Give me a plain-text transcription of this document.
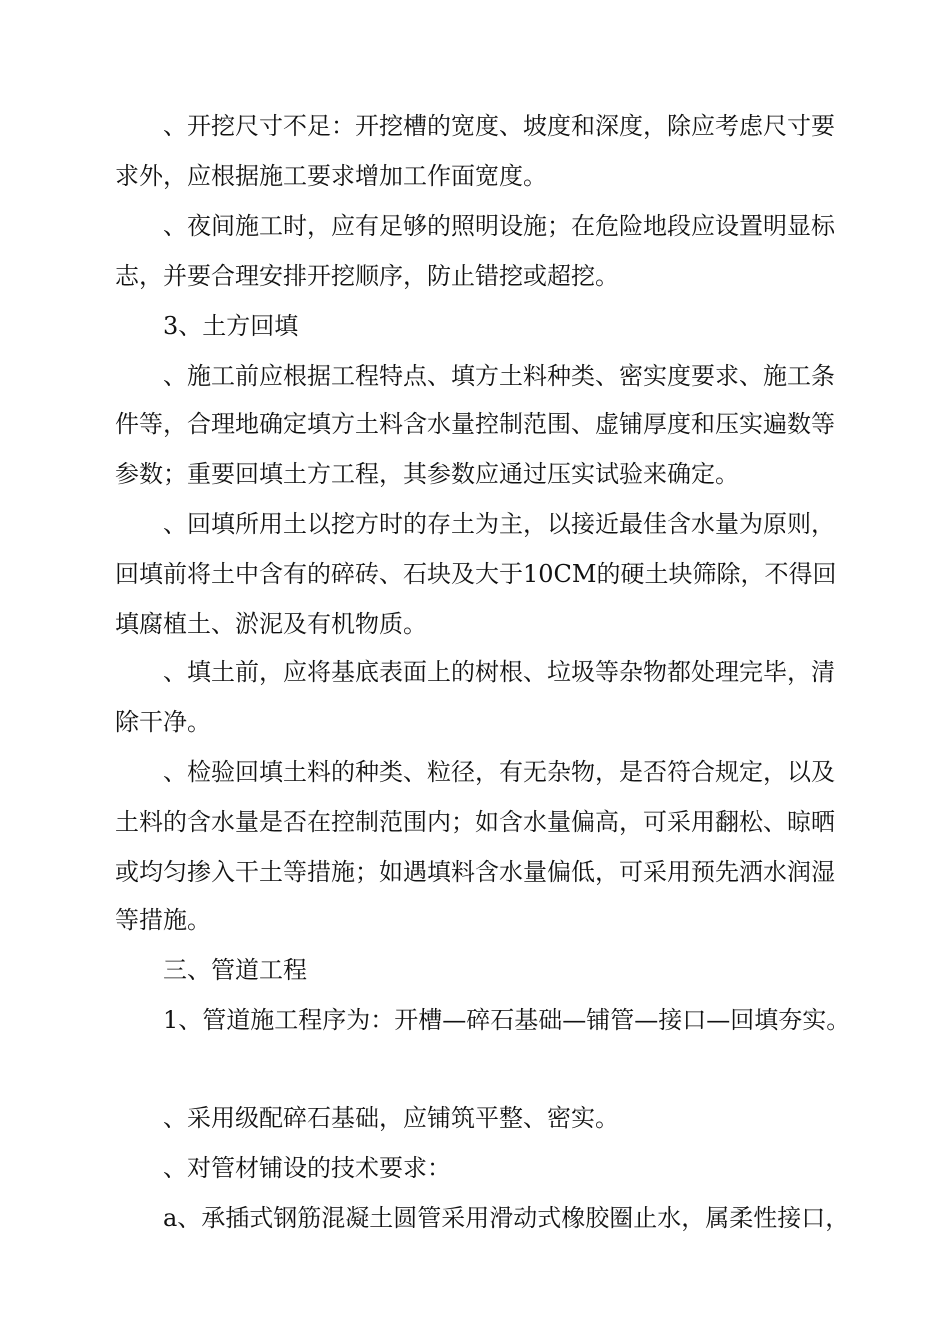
、开挖尺寸不足：开挖槽的宽度、坡度和深度，除应考虑尺寸要
求外，应根据施工要求增加工作面宽度。
、夜间施工时，应有足够的照明设施；在危险地段应设置明显标
志，并要合理安排开挖顺序，防止错挖或超挖。
3、土方回填
、施工前应根据工程特点、填方土料种类、密实度要求、施工条
件等，合理地确定填方土料含水量控制范围、虚铺厚度和压实遍数等
参数；重要回填土方工程，其参数应通过压实试验来确定。
、回填所用土以挖方时的存土为主，以接近最佳含水量为原则，
回填前将土中含有的碎砖、石块及大于10CM的硬土块筛除，不得回
填腐植土、淤泥及有机物质。
、填土前，应将基底表面上的树根、垃圾等杂物都处理完毕，清
除干净。
、检验回填土料的种类、粒径，有无杂物，是否符合规定，以及
土料的含水量是否在控制范围内；如含水量偏高，可采用翻松、晾晒
或均匀掺入干土等措施；如遇填料含水量偏低，可采用预先洒水润湿
等措施。
三、管道工程
1、管道施工程序为：开槽—碎石基础—铺管—接口—回填夯实。
、采用级配碎石基础，应铺筑平整、密实。
、对管材铺设的技术要求：
a、承插式钢筋混凝土圆管采用滑动式橡胶圈止水，属柔性接口，
